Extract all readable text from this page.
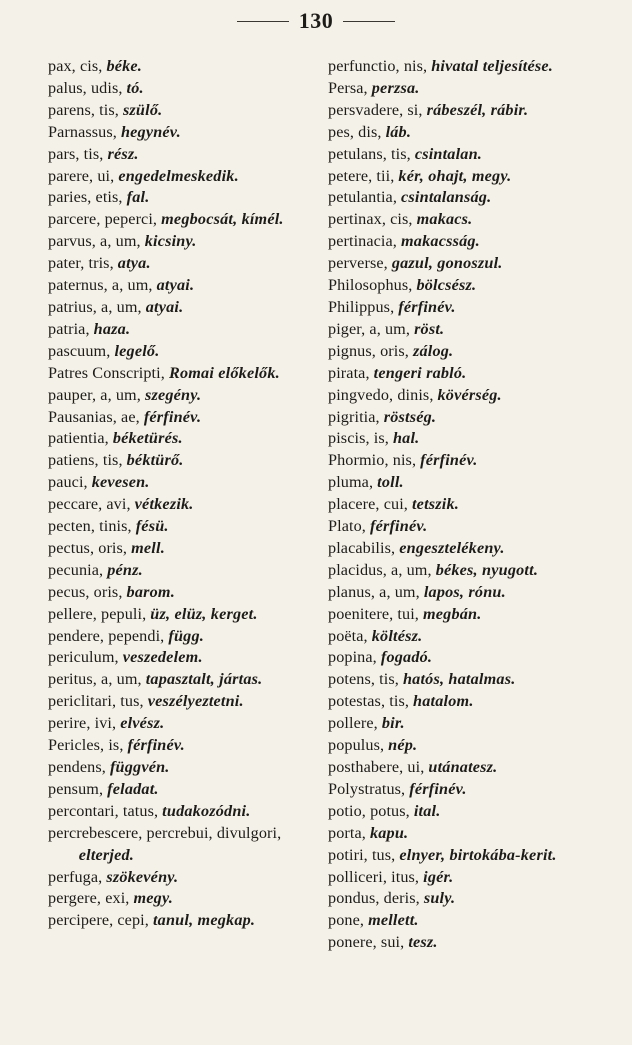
130
pax, cis, béke.
palus, udis, tó.
parens, tis, szülő.
Parnassus, hegynév.
pars, tis, rész.
parere, ui, engedelmeskedik.
paries, etis, fal.
parcere, peperci, megbocsát, kímél.
parvus, a, um, kicsiny.
pater, tris, atya.
paternus, a, um, atyai.
patrius, a, um, atyai.
patria, haza.
pascuum, legelő.
Patres Conscripti, Romai előkelők.
pauper, a, um, szegény.
Pausanias, ae, férfinév.
patientia, béketürés.
patiens, tis, béktürő.
pauci, kevesen.
peccare, avi, vétkezik.
pecten, tinis, fésü.
pectus, oris, mell.
pecunia, pénz.
pecus, oris, barom.
pellere, pepuli, üz, elüz, kerget.
pendere, pependi, függ.
periculum, veszedelem.
peritus, a, um, tapasztalt, jártas.
periclitari, tus, veszélyeztetni.
perire, ivi, elvész.
Pericles, is, férfinév.
pendens, függvén.
pensum, feladat.
percontari, tatus, tudakozódni.
percrebescere, percrebui, divulgori, elterjed.
perfuga, szökevény.
pergere, exi, megy.
percipere, cepi, tanul, megkap.
perfunctio, nis, hivatal teljesítése.
Persa, perzsa.
persvadere, si, rábeszél, rábir.
pes, dis, láb.
petulans, tis, csintalan.
petere, tii, kér, ohajt, megy.
petulantia, csintalanság.
pertinax, cis, makacs.
pertinacia, makacsság.
perverse, gazul, gonoszul.
Philosophus, bölcsész.
Philippus, férfinév.
piger, a, um, röst.
pignus, oris, zálog.
pirata, tengeri rabló.
pingvedo, dinis, kövérség.
pigritia, röstség.
piscis, is, hal.
Phormio, nis, férfinév.
pluma, toll.
placere, cui, tetszik.
Plato, férfinév.
placabilis, engesztelékeny.
placidus, a, um, békes, nyugott.
planus, a, um, lapos, rónu.
poenitere, tui, megbán.
poëta, költész.
popina, fogadó.
potens, tis, hatós, hatalmas.
potestas, tis, hatalom.
pollere, bir.
populus, nép.
posthabere, ui, utánatesz.
Polystratus, férfinév.
potio, potus, ital.
porta, kapu.
potiri, tus, elnyer, birtokába-kerit.
polliceri, itus, igér.
pondus, deris, suly.
pone, mellett.
ponere, sui, tesz.
